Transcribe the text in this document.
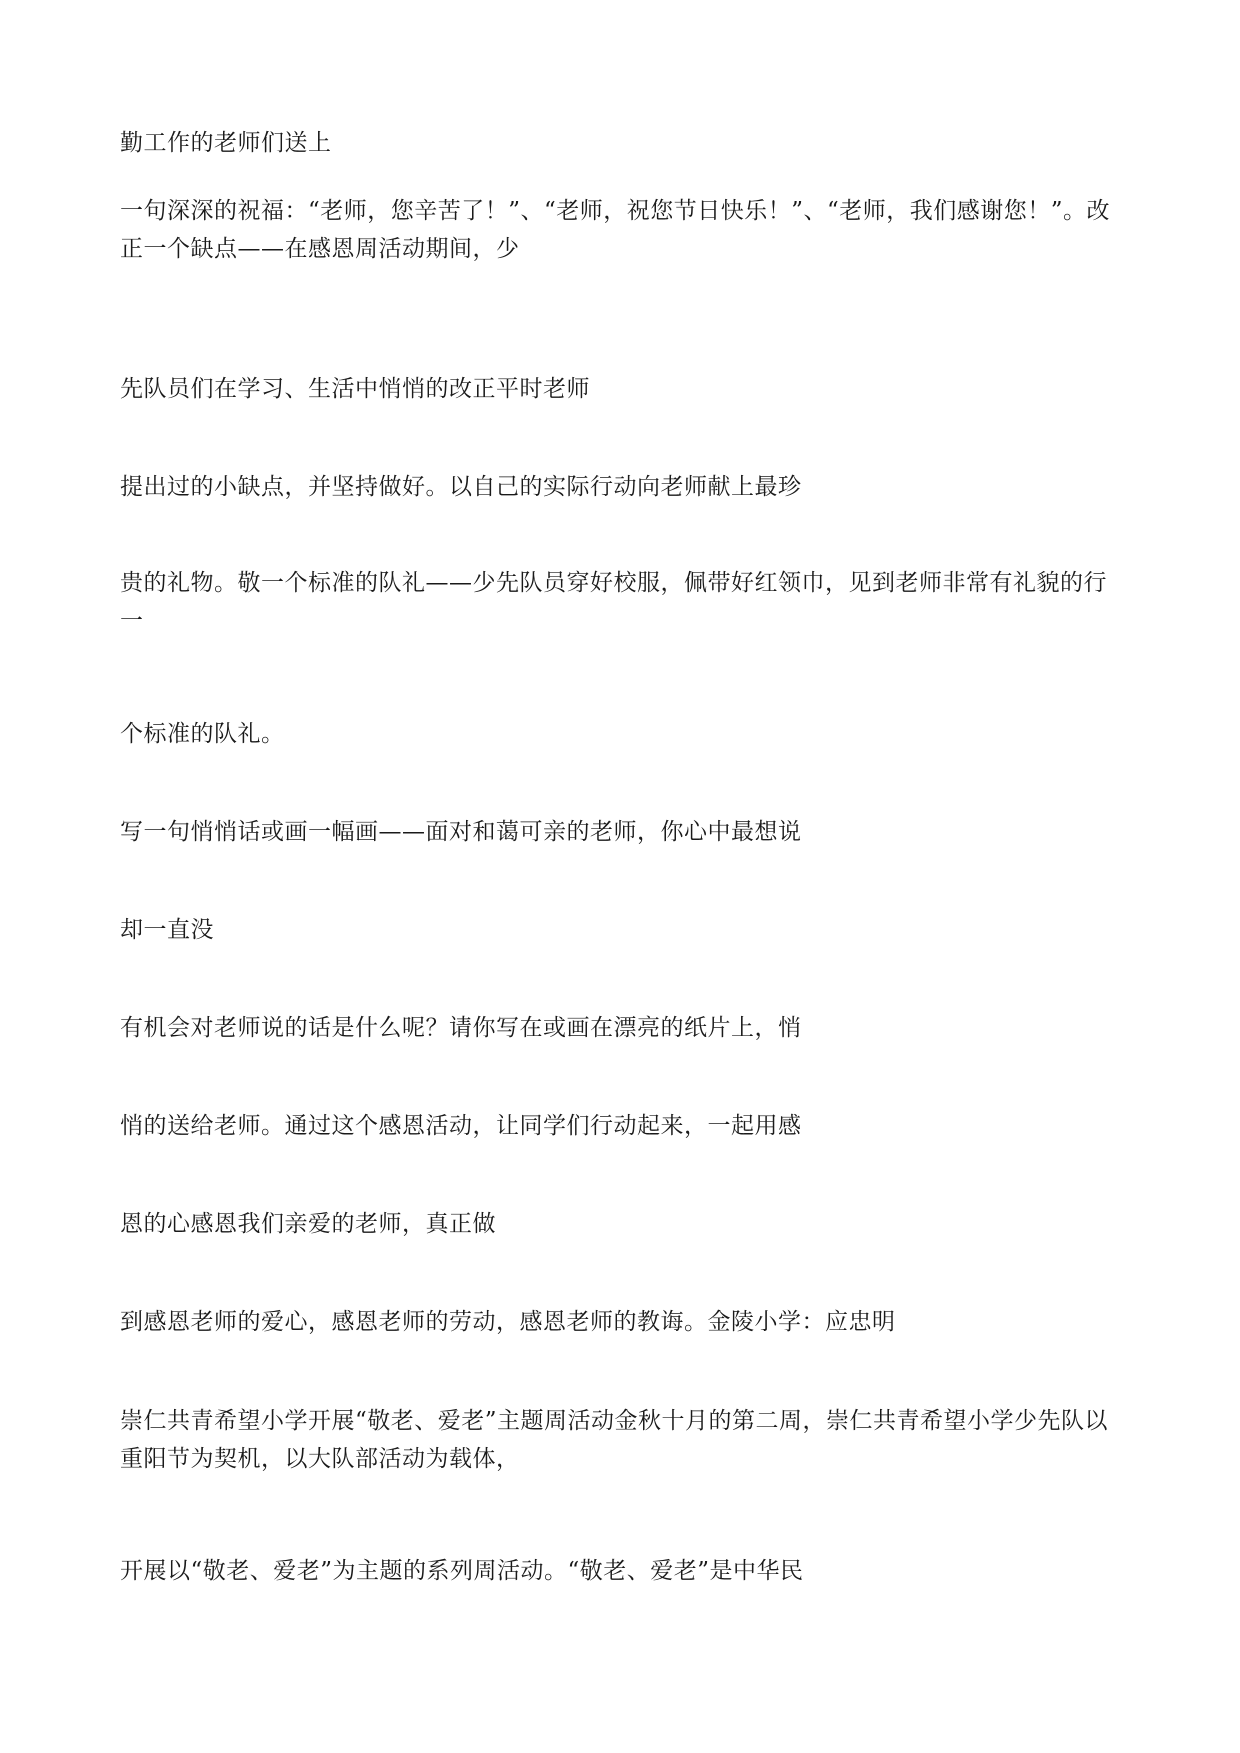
勤工作的老师们送上

一句深深的祝福：“老师，您辛苦了！”、“老师，祝您节日快乐！”、“老师，我们感谢您！”。改正一个缺点——在感恩周活动期间，少

先队员们在学习、生活中悄悄的改正平时老师

提出过的小缺点，并坚持做好。以自己的实际行动向老师献上最珍

贵的礼物。敬一个标准的队礼——少先队员穿好校服，佩带好红领巾，见到老师非常有礼貌的行一

个标准的队礼。

写一句悄悄话或画一幅画——面对和蔼可亲的老师，你心中最想说

却一直没

有机会对老师说的话是什么呢？请你写在或画在漂亮的纸片上，悄

悄的送给老师。通过这个感恩活动，让同学们行动起来，一起用感

恩的心感恩我们亲爱的老师，真正做

到感恩老师的爱心，感恩老师的劳动，感恩老师的教诲。金陵小学：应忠明

崇仁共青希望小学开展“敬老、爱老”主题周活动金秋十月的第二周，崇仁共青希望小学少先队以重阳节为契机，以大队部活动为载体，

开展以“敬老、爱老”为主题的系列周活动。“敬老、爱老”是中华民
